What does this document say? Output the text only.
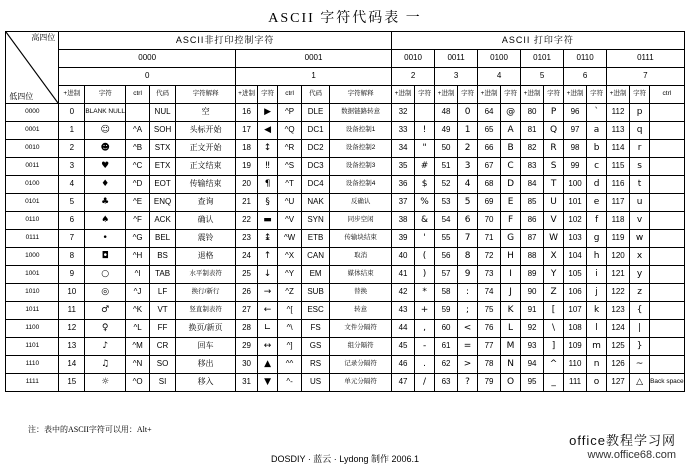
ASCII 字符代码表 一
高四位
低四位	ASCII非打印控制字符										ASCII 打印字符												
	0000					0001					0010		0011		0100		0101		0110		0111		
	0					1					2		3		4		5		6		7		
	+进制	字符	ctrl	代码	字符解释	+进制	字符	ctrl	代码	字符解释	+进制	字符	+进制	字符	+进制	字符	+进制	字符	+进制	字符	+进制	字符	ctrl
0000	0	BLANK NULL		NUL	空	16	▶	^P	DLE	数据链路转意	32		48	0	64	@	80	P	96	`	112	p	
0001	1	☺	^A	SOH	头标开始	17	◀	^Q	DC1	设备控制1	33	!	49	1	65	A	81	Q	97	a	113	q	
0010	2	☻	^B	STX	正文开始	18	↕	^R	DC2	设备控制2	34	"	50	2	66	B	82	R	98	b	114	r	
0011	3	♥	^C	ETX	正文结束	19	‼	^S	DC3	设备控制3	35	#	51	3	67	C	83	S	99	c	115	s	
0100	4	♦	^D	EOT	传输结束	20	¶	^T	DC4	设备控制4	36	$	52	4	68	D	84	T	100	d	116	t	
0101	5	♣	^E	ENQ	查询	21	§	^U	NAK	反确认	37	%	53	5	69	E	85	U	101	e	117	u	
0110	6	♠	^F	ACK	确认	22	▬	^V	SYN	同步空闲	38	&	54	6	70	F	86	V	102	f	118	v	
0111	7	•	^G	BEL	震铃	23	↨	^W	ETB	传输块结束	39	'	55	7	71	G	87	W	103	g	119	w	
1000	8	◘	^H	BS	退格	24	↑	^X	CAN	取消	40	(	56	8	72	H	88	X	104	h	120	x	
1001	9	○	^I	TAB	水平制表符	25	↓	^Y	EM	媒体结束	41	)	57	9	73	I	89	Y	105	i	121	y	
1010	10	◎	^J	LF	换行/新行	26	→	^Z	SUB	替换	42	*	58	:	74	J	90	Z	106	j	122	z	
1011	11	♂	^K	VT	竖直制表符	27	←	^[	ESC	转意	43	+	59	;	75	K	91	[	107	k	123	{	
1100	12	♀	^L	FF	换页/新页	28	∟	^\	FS	文件分隔符	44	,	60	<	76	L	92	\	108	l	124	|	
1101	13	♪	^M	CR	回车	29	↔	^]	GS	组分隔符	45	-	61	=	77	M	93	]	109	m	125	}	
1110	14	♫	^N	SO	移出	30	▲	^^	RS	记录分隔符	46	.	62	>	78	N	94	^	110	n	126	~	
1111	15	☼	^O	SI	移入	31	▼	^-	US	单元分隔符	47	/	63	?	79	O	95	_	111	o	127	△	Back space
注：表中的ASCII字符可以用：Alt+
office教程学习网
www.office68.com
DOSDIY · 蓝云 · Lydong 制作 2006.1
